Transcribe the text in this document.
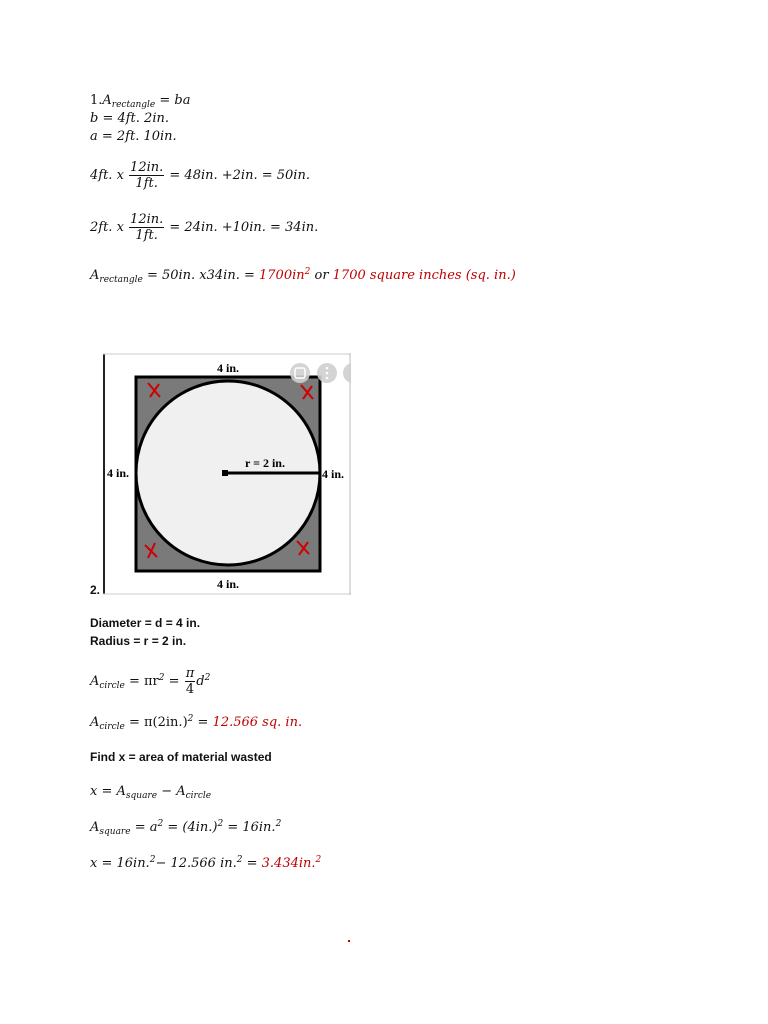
$1.A_{rectangle}$ = ba
b = 4ft. 2in.
a = 2ft. 10in.
4ft. x $\frac{12in.}{1ft.} = 48in$. +2in. = 50in.
2ft. x $\frac{12in.}{1ft.} = 24in$. +10in. = 34in.
$A_{rectangle} = 50in$. x34in. = $1700in^2$ or 1700 square inches (sq. in.)
4 in.
4 in.
4 in.	4 in.
r = 2 in.
2.
Diameter = d = 4 in.
Radius = r = 2 in.
$A_{circle} = \pi r^2 = \frac{\pi}{4} d^2$
$A_{circle} = \pi(2in.)^2 = 12.566$ sq. in.
Find x = area of material wasted
$x = A_{square} - A_{circle}$
$A_{square} = a^2 = (4in.)^2 = 16in.^2$
x = 16in.$^2$− 12.566 in.$^2$ = 3.434in.$^2$
